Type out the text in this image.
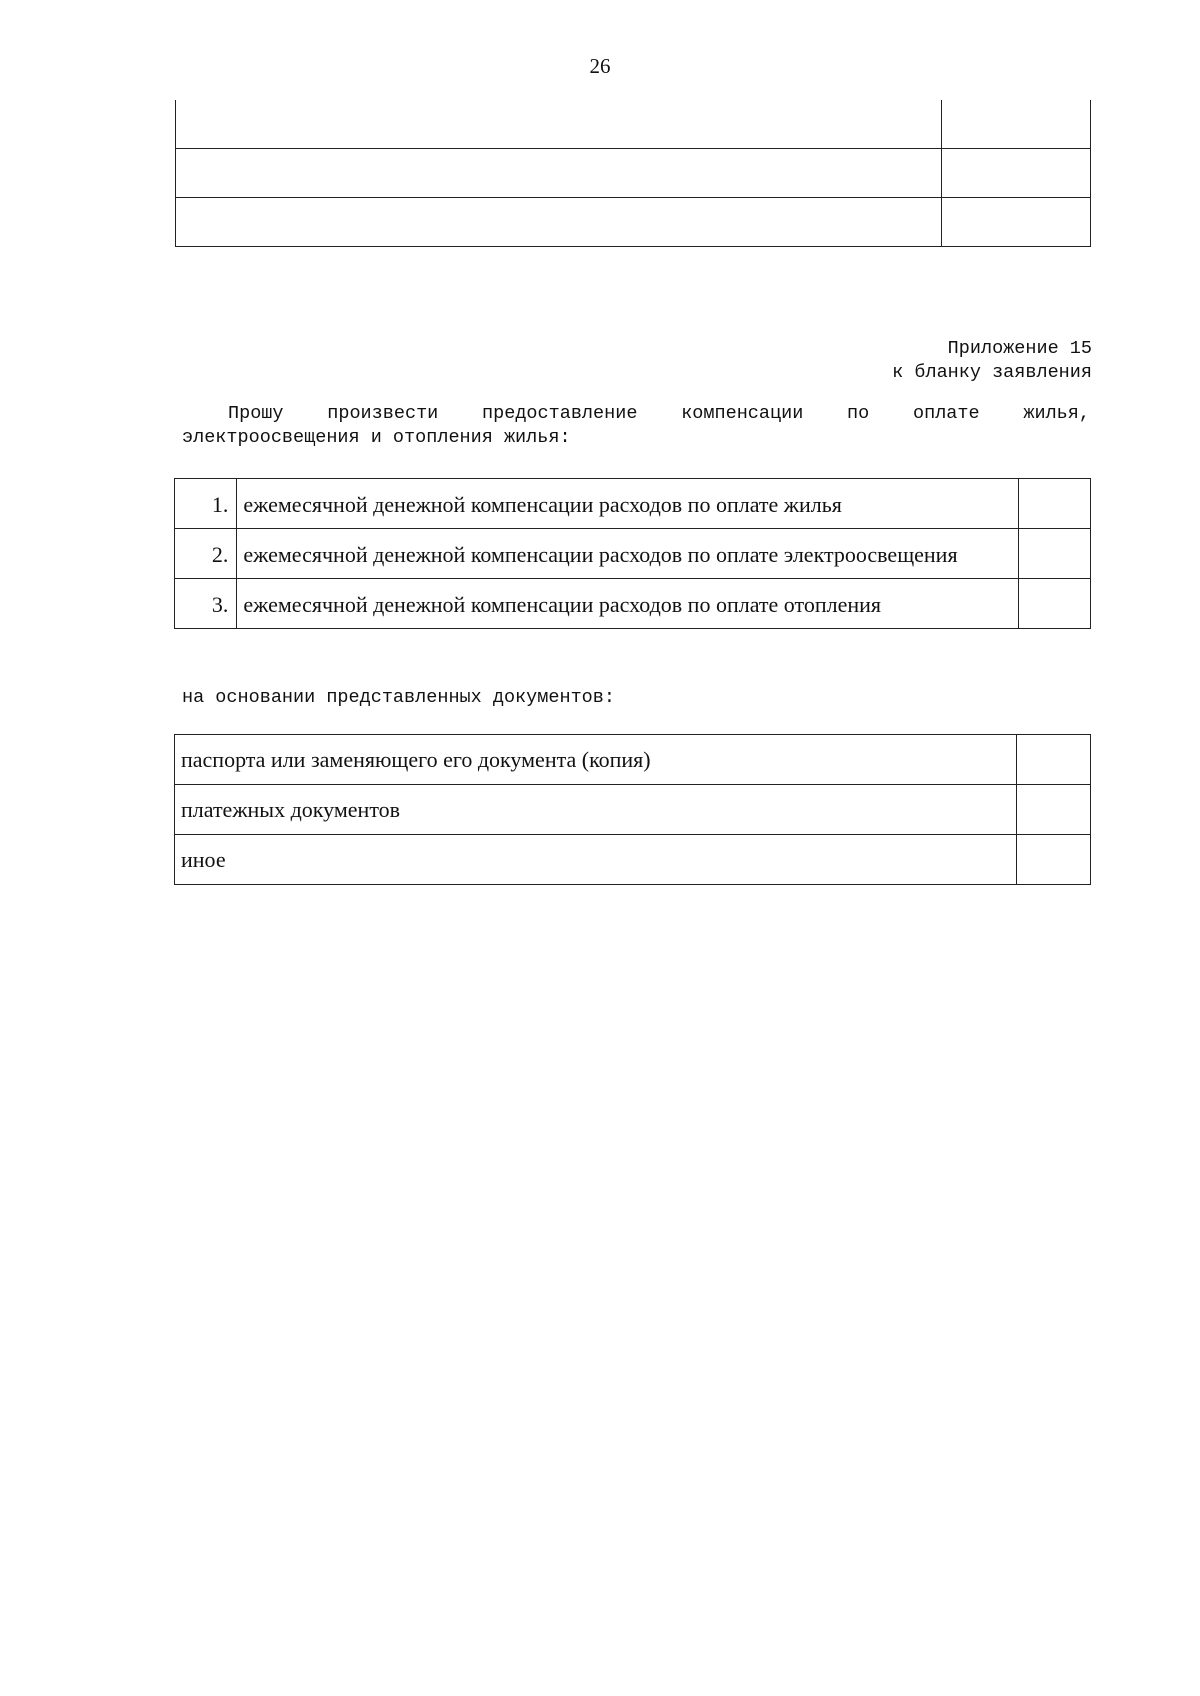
26

Приложение 15
к бланку заявления
Прошу произвести предоставление компенсации по оплате жилья,
электроосвещения и отопления жилья:
1.	ежемесячной денежной компенсации расходов по оплате жилья	
2.	ежемесячной денежной компенсации расходов по оплате электроосвещения	
3.	ежемесячной денежной компенсации расходов по оплате отопления	
на основании представленных документов:
паспорта или заменяющего его документа (копия)	
платежных документов	
иное	
